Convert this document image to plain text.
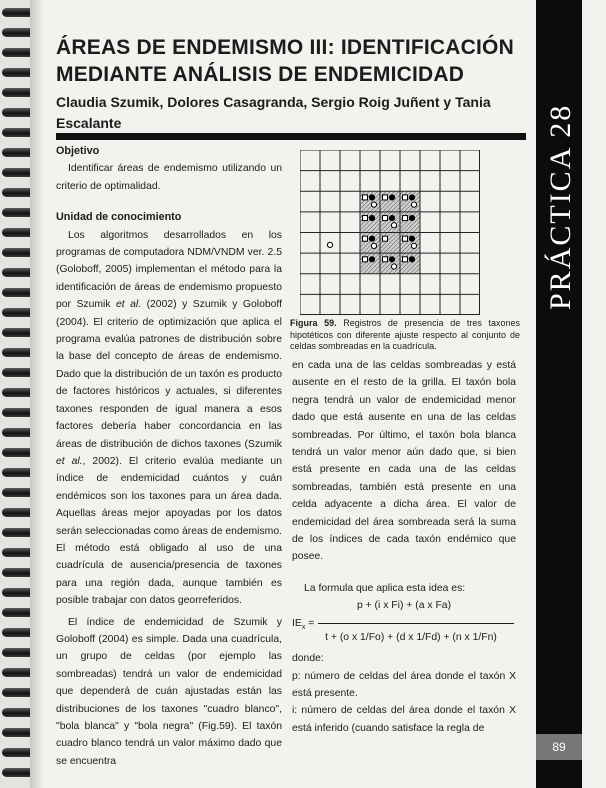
ÁREAS DE ENDEMISMO III: IDENTIFICACIÓN
MEDIANTE ANÁLISIS DE ENDEMICIDAD

Claudia Szumik, Dolores Casagranda, Sergio Roig Juñent y Tania Escalante	PRÁCTICA 28
89
Objetivo

Identificar áreas de endemismo utilizando un criterio de optimalidad.

Unidad de conocimiento

Los algoritmos desarrollados en los programas de computadora NDM/VNDM ver. 2.5 (Goloboff, 2005) implementan el método para la identificación de áreas de endemismo propuesto por Szumik et al. (2002) y Szumik y Goloboff (2004). El criterio de optimización que aplica el programa evalúa patrones de distribución sobre la base del concepto de áreas de endemismo. Dado que la distribución de un taxón es producto de factores históricos y actuales, si diferentes taxones responden de igual manera a esos factores debería haber concordancia en las áreas de distribución de dichos taxones (Szumik et al., 2002). El criterio evalúa mediante un índice de endemicidad cuántos y cuán endémicos son los taxones para un área dada. Aquellas áreas mejor apoyadas por los datos serán seleccionadas como áreas de endemismo. El método está obligado al uso de una cuadrícula de ausencia/presencia de taxones para una región dada, aunque también es posible trabajar con datos georreferidos.

El índice de endemicidad de Szumik y Goloboff (2004) es simple. Dada una cuadrícula, un grupo de celdas (por ejemplo las sombreadas) tendrá un valor de endemicidad que dependerá de cuán ajustadas están las distribuciones de los taxones "cuadro blanco", "bola blanca" y "bola negra" (Fig.59). El taxón cuadro blanco tendrá un valor máximo dado que se encuentra

Figura 59. Registros de presencia de tres taxones hipotéticos con diferente ajuste respecto al conjunto de celdas sombreadas en la cuadrícula.

en cada una de las celdas sombreadas y está ausente en el resto de la grilla. El taxón bola negra tendrá un valor de endemicidad menor dado que está ausente en una de las celdas sombreadas. Por último, el taxón bola blanca tendrá un valor menor aún dado que, si bien está presente en cada una de las celdas sombreadas, también está presente en una celda adyacente a dicha área. El valor de endemicidad del área sombreada será la suma de los índices de cada taxón endémico que posee.

La formula que aplica esta idea es:

p + (i x Fi) + (a x Fa)
$IE_x$ =
t + (o x 1/Fo) + (d x 1/Fd) + (n x 1/Fn)

donde:

p: número de celdas del área donde el taxón X está presente.

i: número de celdas del área donde el taxón X está inferido (cuando satisface la regla de
